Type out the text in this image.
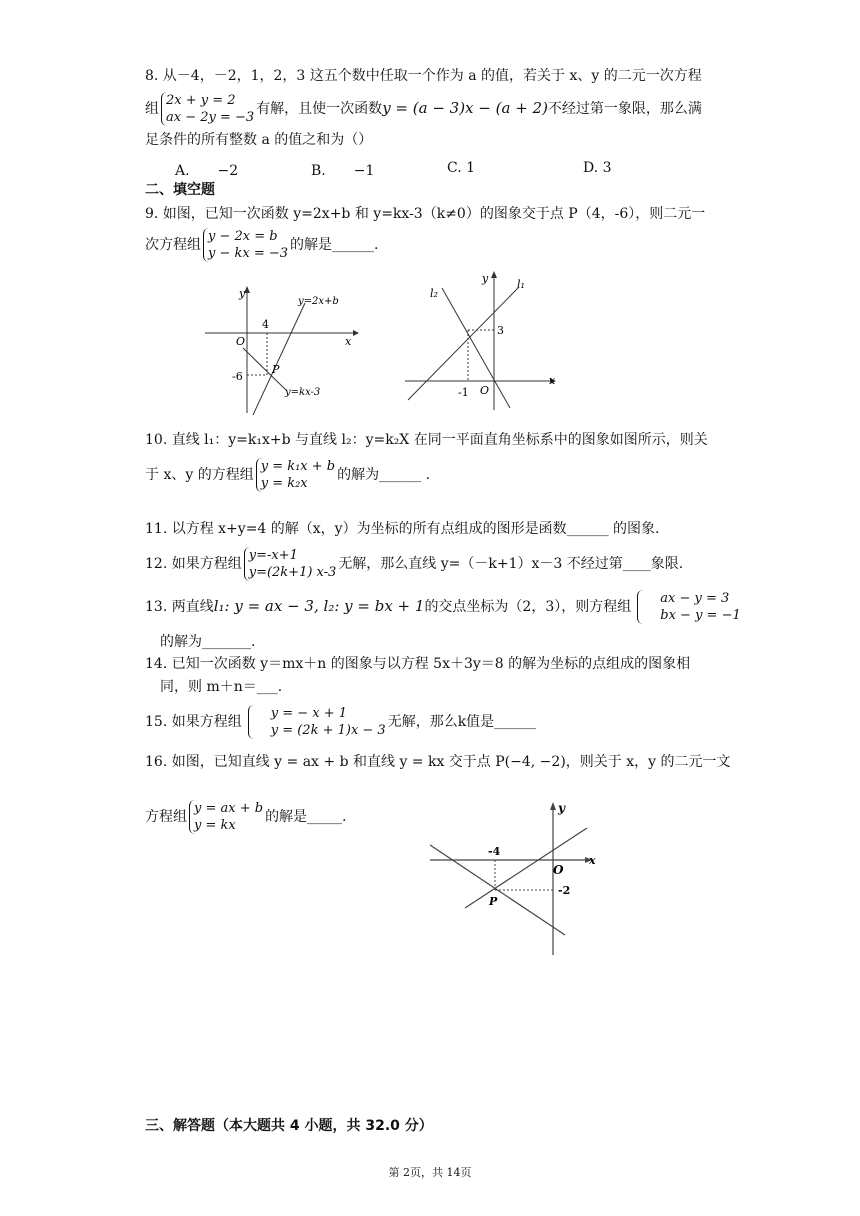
8. 从－4，－2，1，2，3 这五个数中任取一个作为 a 的值，若关于 x、y 的二元一次方程
组
2x + y = 2
ax − 2y = −3
有解，且使一次函数y = (a − 3)x − (a + 2)不经过第一象限，那么满
足条件的所有整数 a 的值之和为（）
A.　　−2	B.　　−1	C. 1	D. 3
二、填空题
9. 如图，已知一次函数 y=2x+b 和 y=kx-3（k≠0）的图象交于点 P（4，-6），则二元一
次方程组
y − 2x = b
y − kx = −3
的解是______.
y
x
O
4
-6
P
y=2x+b
y=kx-3
y
x
O
l₁
l₂
3
-1
10. 直线 l₁：y=k₁x+b 与直线 l₂：y=k₂X 在同一平面直角坐标系中的图象如图所示，则关
于 x、y 的方程组
y = k₁x + b
y = k₂x
的解为______ .
11. 以方程 x+y=4 的解（x，y）为坐标的所有点组成的图形是函数______ 的图象.
12. 如果方程组
y=-x+1
y=(2k+1) x-3
无解，那么直线 y=（－k+1）x－3 不经过第____象限.
13. 两直线l₁: y = ax − 3, l₂: y = bx + 1的交点坐标为（2，3），则方程组
ax − y = 3
bx − y = −1
的解为_______.
14. 已知一次函数 y＝mx＋n 的图象与以方程 5x＋3y＝8 的解为坐标的点组成的图象相
同，则 m＋n＝___.
15. 如果方程组
y = − x + 1
y = (2k + 1)x − 3
无解，那么k值是______
16. 如图，已知直线 y = ax + b 和直线 y = kx 交于点 P(−4, −2)，则关于 x，y 的二元一文
方程组
y = ax + b
y = kx
的解是_____.
y
x
O
-4
-2
P
三、解答题（本大题共 4 小题，共 32.0 分）
第 2页，共 14页
